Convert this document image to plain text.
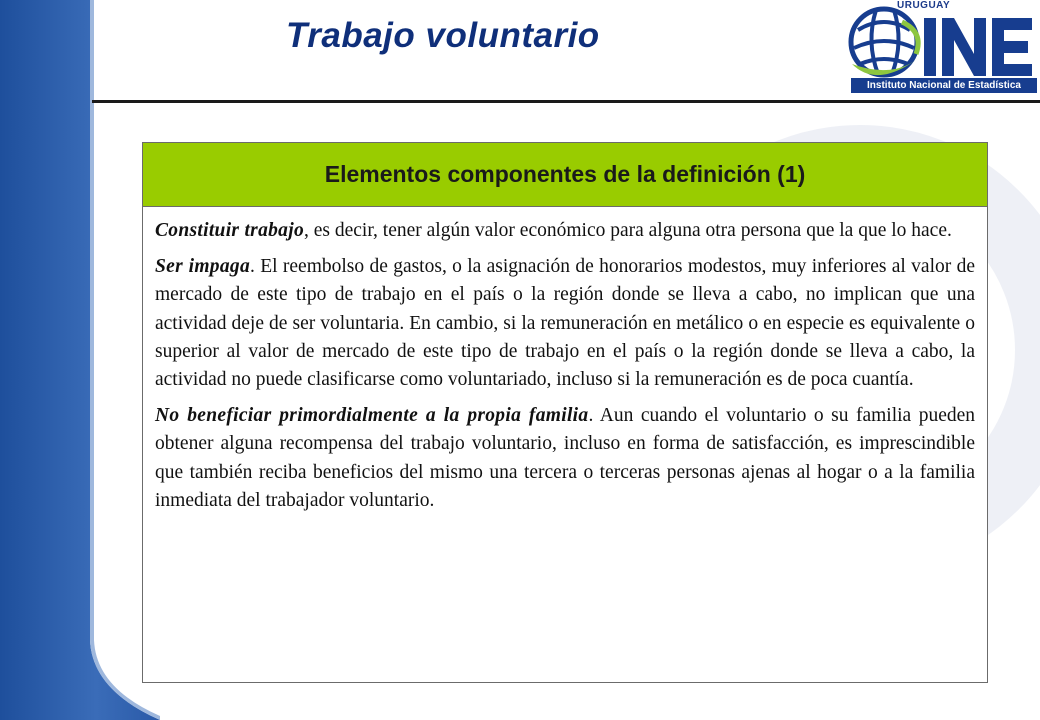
Trabajo voluntario
URUGUAY
Instituto Nacional de Estadística
Elementos componentes de la definición (1)

Constituir trabajo, es decir, tener algún valor económico para alguna otra persona que la que lo hace.

Ser impaga. El reembolso de gastos, o la asignación de honorarios modestos, muy inferiores al valor de mercado de este tipo de trabajo en el país o la región donde se lleva a cabo, no implican que una actividad deje de ser voluntaria. En cambio, si la remuneración en metálico o en especie es equivalente o superior al valor de mercado de este tipo de trabajo en el país o la región donde se lleva a cabo, la actividad no puede clasificarse como voluntariado, incluso si la remuneración es de poca cuantía.

No beneficiar primordialmente a la propia familia. Aun cuando el voluntario o su familia pueden obtener alguna recompensa del trabajo voluntario, incluso en forma de satisfacción, es imprescindible que también reciba beneficios del mismo una tercera o terceras personas ajenas al hogar o a la familia inmediata del trabajador voluntario.
